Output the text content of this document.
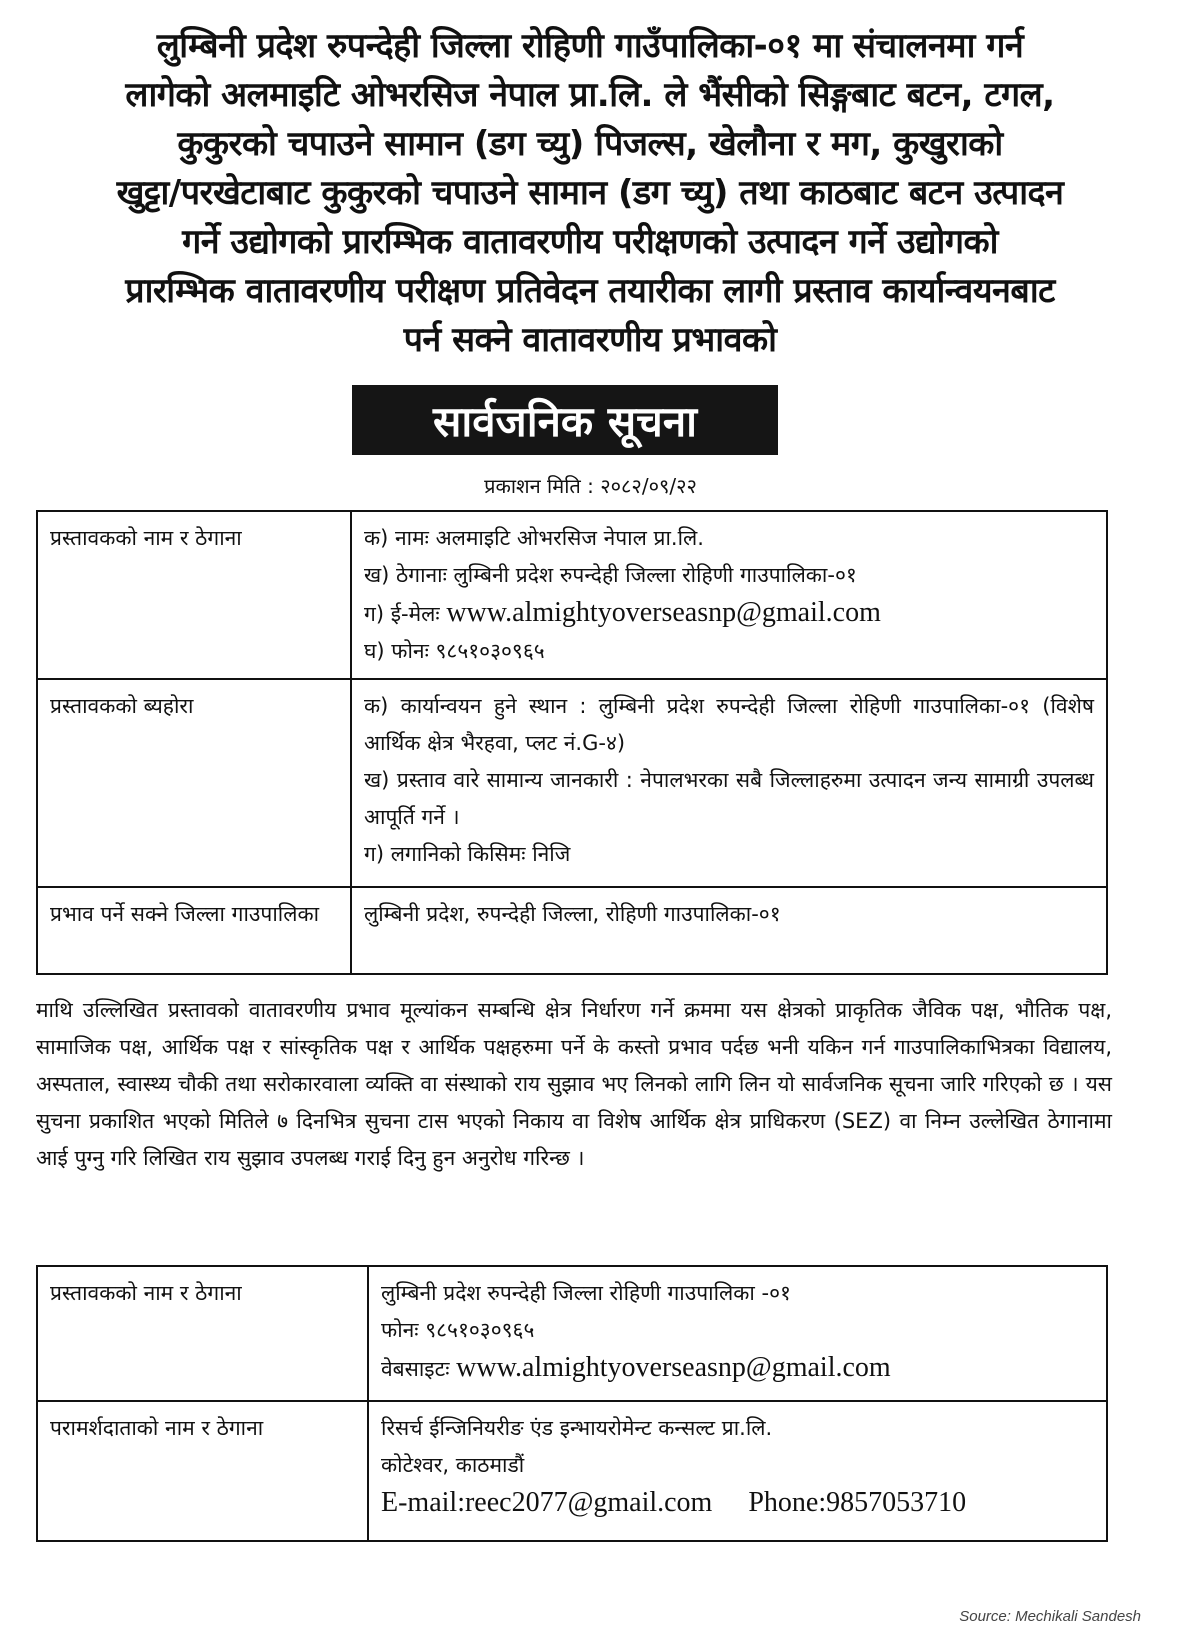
लुम्बिनी प्रदेश रुपन्देही जिल्ला रोहिणी गाउँपालिका-०१ मा संचालनमा गर्न
लागेको अलमाइटि ओभरसिज नेपाल प्रा.लि. ले भैंसीको सिङ्गबाट बटन, टगल,
कुकुरको चपाउने सामान (डग च्यु) पिजल्स, खेलौना र मग, कुखुराको
खुट्टा/परखेटाबाट कुकुरको चपाउने सामान (डग च्यु) तथा काठबाट बटन उत्पादन
गर्ने उद्योगको प्रारम्भिक वातावरणीय परीक्षणको उत्पादन गर्ने उद्योगको
प्रारम्भिक वातावरणीय परीक्षण प्रतिवेदन तयारीका लागी प्रस्ताव कार्यान्वयनबाट
पर्न सक्ने वातावरणीय प्रभावको
सार्वजनिक सूचना
प्रकाशन मिति : २०८२/०९/२२
प्रस्तावकको नाम र ठेगाना	क) नामः अलमाइटि ओभरसिज नेपाल प्रा.लि.
ख) ठेगानाः लुम्बिनी प्रदेश रुपन्देही जिल्ला रोहिणी गाउपालिका-०१
ग) ई-मेलः www.almightyoverseasnp@gmail.com
घ) फोनः ९८५१०३०९६५

प्रस्तावकको ब्यहोरा	क) कार्यान्वयन हुने स्थान : लुम्बिनी प्रदेश रुपन्देही जिल्ला रोहिणी गाउपालिका-०१ (विशेष आर्थिक क्षेत्र भैरहवा, प्लट नं.G-४)
ख) प्रस्ताव वारे सामान्य जानकारी : नेपालभरका सबै जिल्लाहरुमा उत्पादन जन्य सामाग्री उपलब्ध आपूर्ति गर्ने ।
ग) लगानिको किसिमः निजि

प्रभाव पर्ने सक्ने जिल्ला गाउपालिका	लुम्बिनी प्रदेश, रुपन्देही जिल्ला, रोहिणी गाउपालिका-०१
माथि उल्लिखित प्रस्तावको वातावरणीय प्रभाव मूल्यांकन सम्बन्धि क्षेत्र निर्धारण गर्ने क्रममा यस क्षेत्रको प्राकृतिक जैविक पक्ष, भौतिक पक्ष, सामाजिक पक्ष, आर्थिक पक्ष र सांस्कृतिक पक्ष र आर्थिक पक्षहरुमा पर्ने के कस्तो प्रभाव पर्दछ भनी यकिन गर्न गाउपालिकाभित्रका विद्यालय, अस्पताल, स्वास्थ्य चौकी तथा सरोकारवाला व्यक्ति वा संस्थाको राय सुझाव भए लिनको लागि लिन यो सार्वजनिक सूचना जारि गरिएको छ । यस सुचना प्रकाशित भएको मितिले ७ दिनभित्र सुचना टास भएको निकाय वा विशेष आर्थिक क्षेत्र प्राधिकरण (SEZ) वा निम्न उल्लेखित ठेगानामा आई पुग्नु गरि लिखित राय सुझाव उपलब्ध गराई दिनु हुन अनुरोध गरिन्छ ।
प्रस्तावकको नाम र ठेगाना	लुम्बिनी प्रदेश रुपन्देही जिल्ला रोहिणी गाउपालिका -०१
फोनः ९८५१०३०९६५
वेबसाइटः www.almightyoverseasnp@gmail.com

परामर्शदाताको नाम र ठेगाना	रिसर्च ईन्जिनियरीङ एंड इन्भायरोमेन्ट कन्सल्ट प्रा.लि.
कोटेश्वर, काठमाडौं
E-mail:reec2077@gmail.com Phone:9857053710
Source: Mechikali Sandesh
